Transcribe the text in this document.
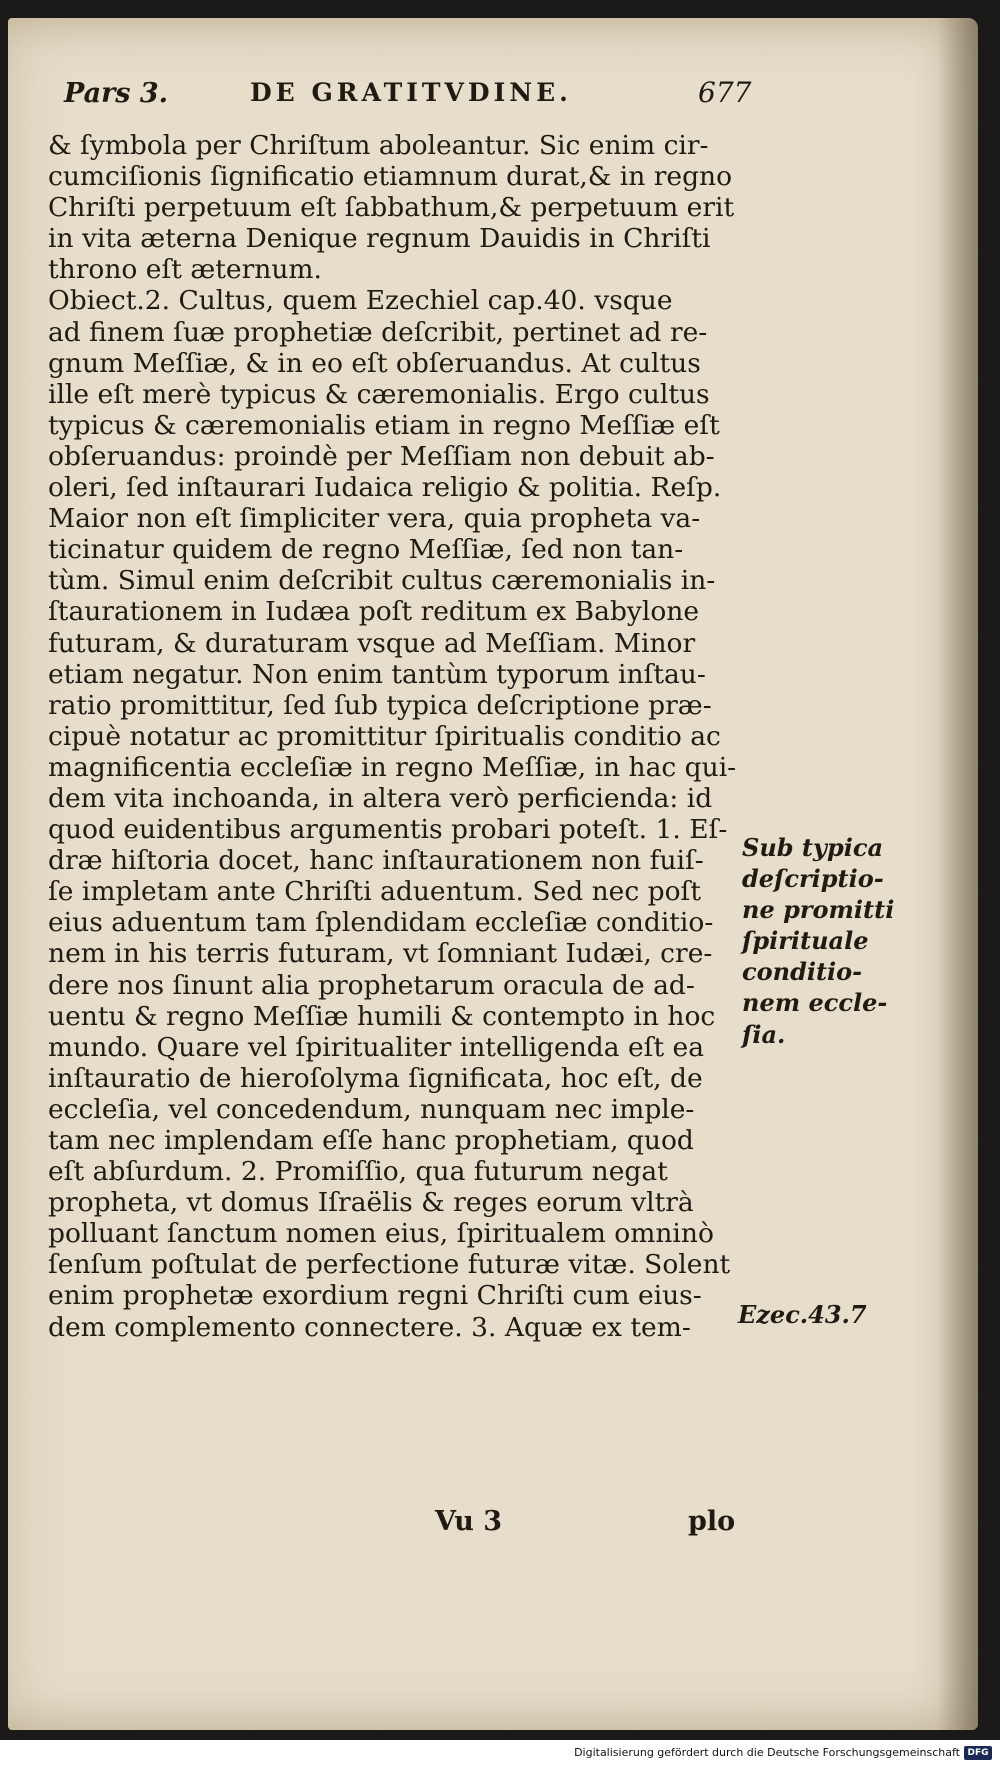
Pars 3.	DE GRATITVDINE.	677
& ſymbola per Chriſtum aboleantur. Sic enim cir-
cumciſionis ſignificatio etiamnum durat,& in regno
Chriſti perpetuum eſt ſabbathum,& perpetuum erit
in vita æterna Denique regnum Dauidis in Chriſti
throno eſt æternum.
Obiect.2. Cultus, quem Ezechiel cap.40. vsque
ad finem ſuæ prophetiæ deſcribit, pertinet ad re-
gnum Meſſiæ, & in eo eſt obſeruandus. At cultus
ille eſt merè typicus & cæremonialis. Ergo cultus
typicus & cæremonialis etiam in regno Meſſiæ eſt
obſeruandus: proindè per Meſſiam non debuit ab-
oleri, ſed inſtaurari Iudaica religio & politia. Reſp.
Maior non eſt ſimpliciter vera, quia propheta va-
ticinatur quidem de regno Meſſiæ, ſed non tan-
tùm. Simul enim deſcribit cultus cæremonialis in-
ſtaurationem in Iudæa poſt reditum ex Babylone
futuram, & duraturam vsque ad Meſſiam. Minor
etiam negatur. Non enim tantùm typorum inſtau-
ratio promittitur, ſed ſub typica deſcriptione præ-
cipuè notatur ac promittitur ſpiritualis conditio ac
magnificentia eccleſiæ in regno Meſſiæ, in hac qui-
dem vita inchoanda, in altera verò perficienda: id
quod euidentibus argumentis probari poteſt. 1. Eſ-
dræ hiſtoria docet, hanc inſtaurationem non fuiſ-
ſe impletam ante Chriſti aduentum. Sed nec poſt
eius aduentum tam ſplendidam eccleſiæ conditio-
nem in his terris futuram, vt ſomniant Iudæi, cre-
dere nos ſinunt alia prophetarum oracula de ad-
uentu & regno Meſſiæ humili & contempto in hoc
mundo. Quare vel ſpiritualiter intelligenda eſt ea
inſtauratio de hieroſolyma ſignificata, hoc eſt, de
eccleſia, vel concedendum, nunquam nec imple-
tam nec implendam eſſe hanc prophetiam, quod
eſt abſurdum. 2. Promiſſio, qua futurum negat
propheta, vt domus Iſraëlis & reges eorum vltrà
polluant ſanctum nomen eius, ſpiritualem omninò
ſenſum poſtulat de perfectione futuræ vitæ. Solent
enim prophetæ exordium regni Chriſti cum eius-
dem complemento connectere. 3. Aquæ ex tem-
Sub typica
deſcriptio-
ne promitti
ſpirituale
conditio-
nem eccle-
ſia.
Ezec.43.7
Vu 3	plo
Digitalisierung gefördert durch die Deutsche Forschungsgemeinschaft DFG
